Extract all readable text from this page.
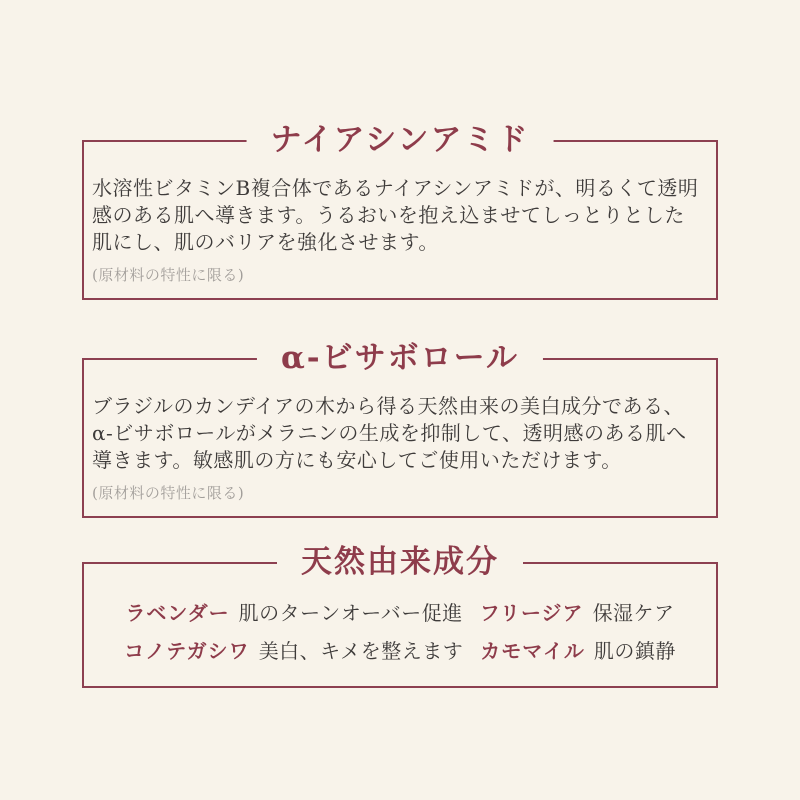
ナイアシンアミド
水溶性ビタミンB複合体であるナイアシンアミドが、明るくて透明
感のある肌へ導きます。うるおいを抱え込ませてしっとりとした
肌にし、肌のバリアを強化させます。

(原材料の特性に限る)

α-ビサボロール
ブラジルのカンデイアの木から得る天然由来の美白成分である、
α-ビサボロールがメラニンの生成を抑制して、透明感のある肌へ
導きます。敏感肌の方にも安心してご使用いただけます。

(原材料の特性に限る)

天然由来成分
ラベンダー 肌のターンオーバー促進 フリージア 保湿ケア
コノテガシワ 美白、キメを整えます カモマイル 肌の鎮静
